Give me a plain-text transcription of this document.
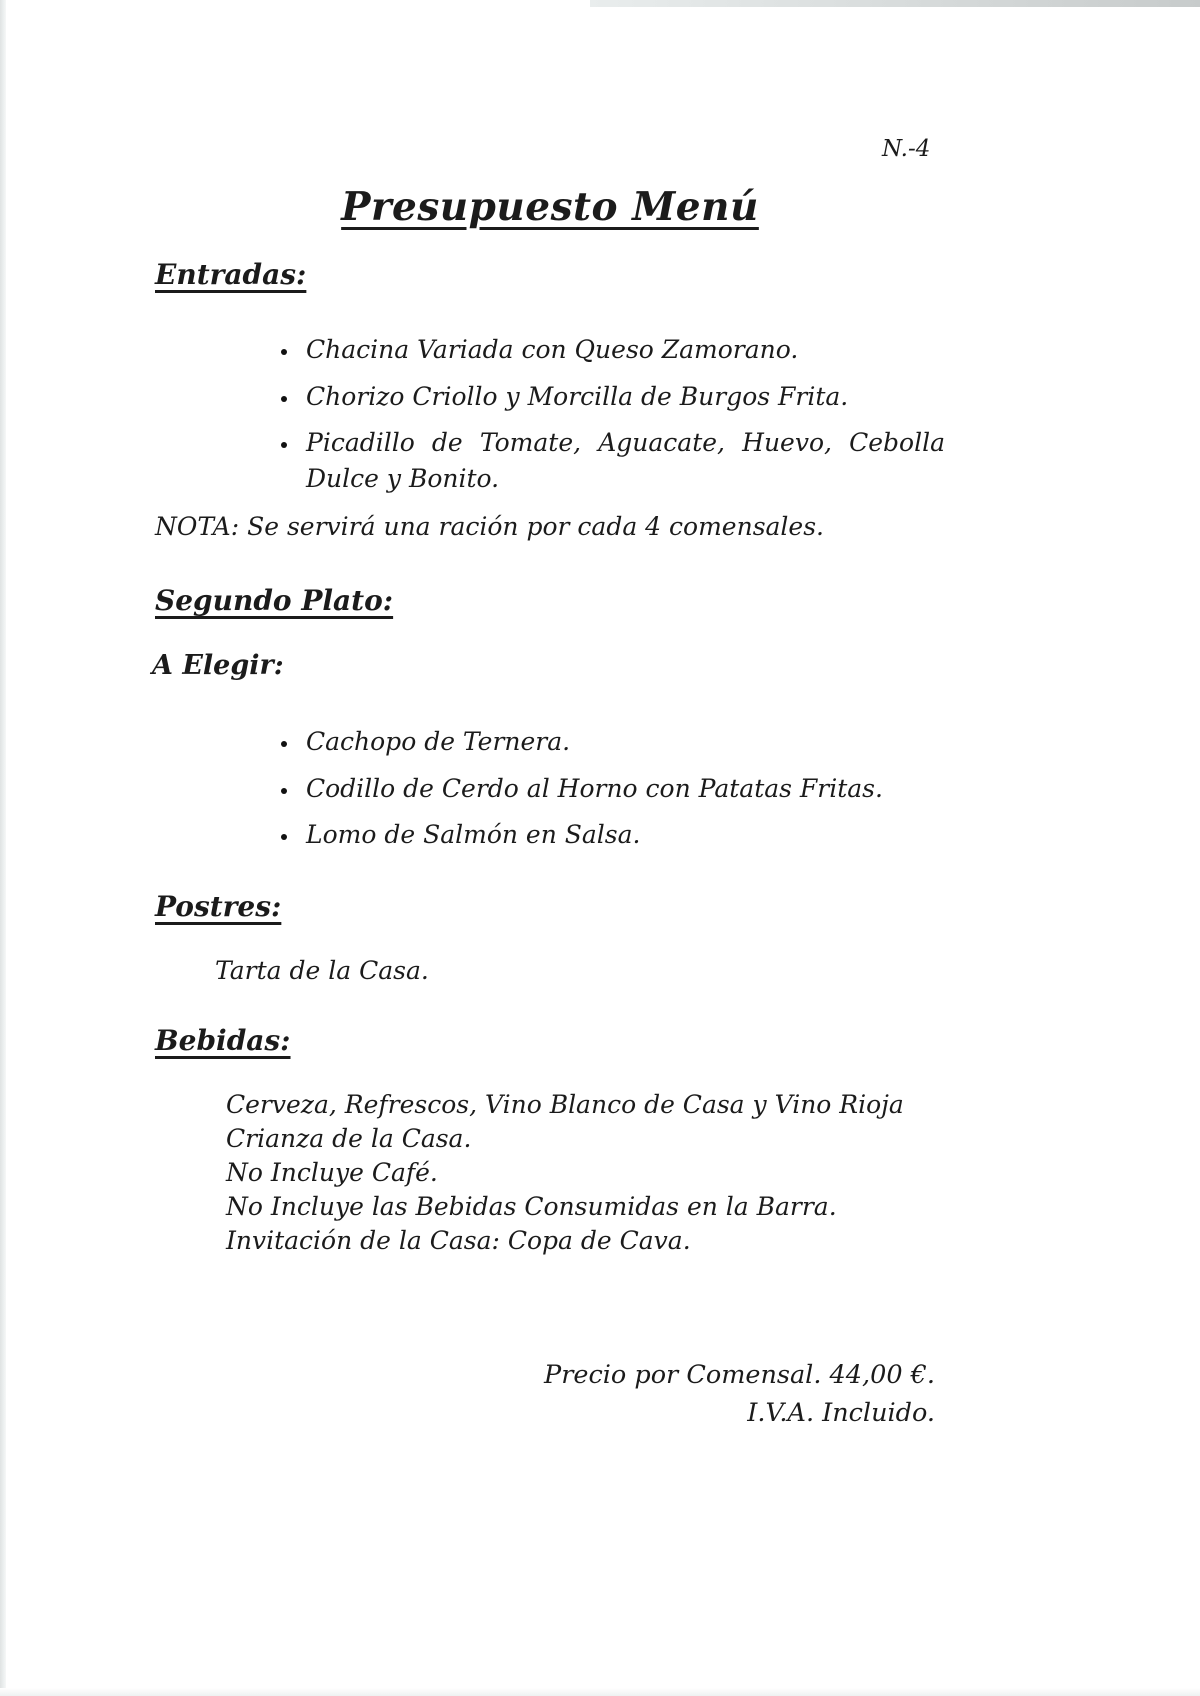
N.-4
Presupuesto Menú
Entradas:
• Chacina Variada con Queso Zamorano.
• Chorizo Criollo y Morcilla de Burgos Frita.
• Picadillo de Tomate, Aguacate, Huevo, Cebolla Dulce y Bonito.
NOTA: Se servirá una ración por cada 4 comensales.
Segundo Plato:
A Elegir:
• Cachopo de Ternera.
• Codillo de Cerdo al Horno con Patatas Fritas.
• Lomo de Salmón en Salsa.
Postres:
Tarta de la Casa.
Bebidas:
Cerveza, Refrescos, Vino Blanco de Casa y Vino Rioja Crianza de la Casa.
No Incluye Café.
No Incluye las Bebidas Consumidas en la Barra.
Invitación de la Casa: Copa de Cava.
Precio por Comensal. 44,00 €.
I.V.A. Incluido.
